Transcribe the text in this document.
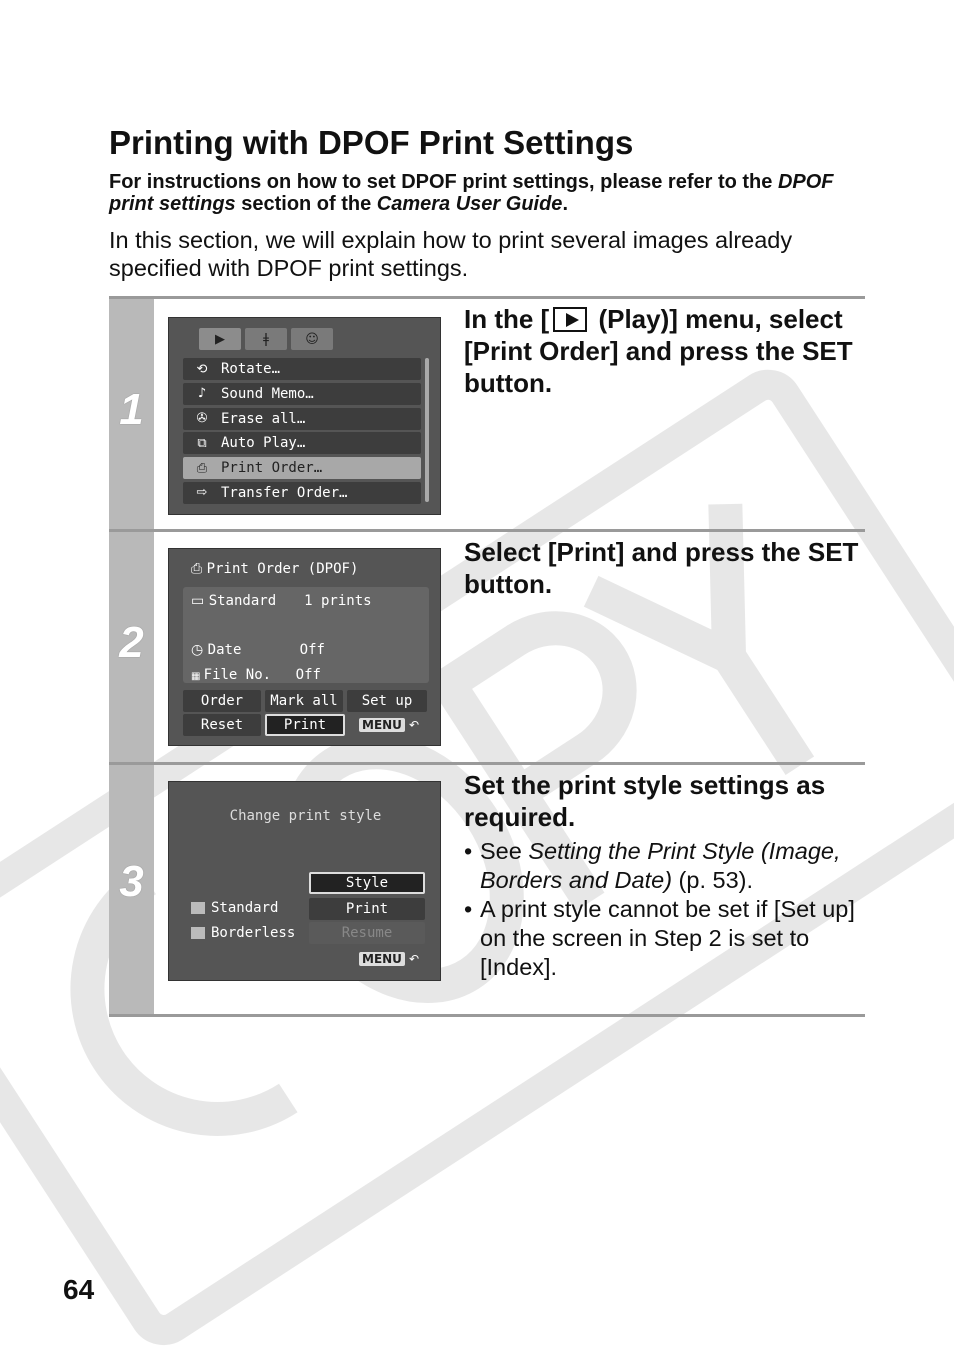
Printing with DPOF Print Settings
For instructions on how to set DPOF print settings, please refer to the DPOF print settings section of the Camera User Guide.
In this section, we will explain how to print several images already specified with DPOF print settings.
1
▶	ǂ	☺
⟲ Rotate…
♪	Sound Memo…
✇ Erase all…
⧉	Auto Play…
⎙ Print Order…
⇨ Transfer Order…

In the [ (Play)] menu, select [Print Order] and press the SET button.

2
⎙ Print Order (DPOF)
▭ Standard 1 prints
◷ Date	Off
▦ File No. Off
Order	Mark all	Set up
Reset	Print	MENU ↶

Select [Print] and press the SET button.

3
Change print style
Style
Print
Resume
Standard
Borderless
MENU ↶

Set the print style settings as required.

• See Setting the Print Style (Image, Borders and Date) (p. 53).
• A print style cannot be set if [Set up] on the screen in Step 2 is set to [Index].
64
